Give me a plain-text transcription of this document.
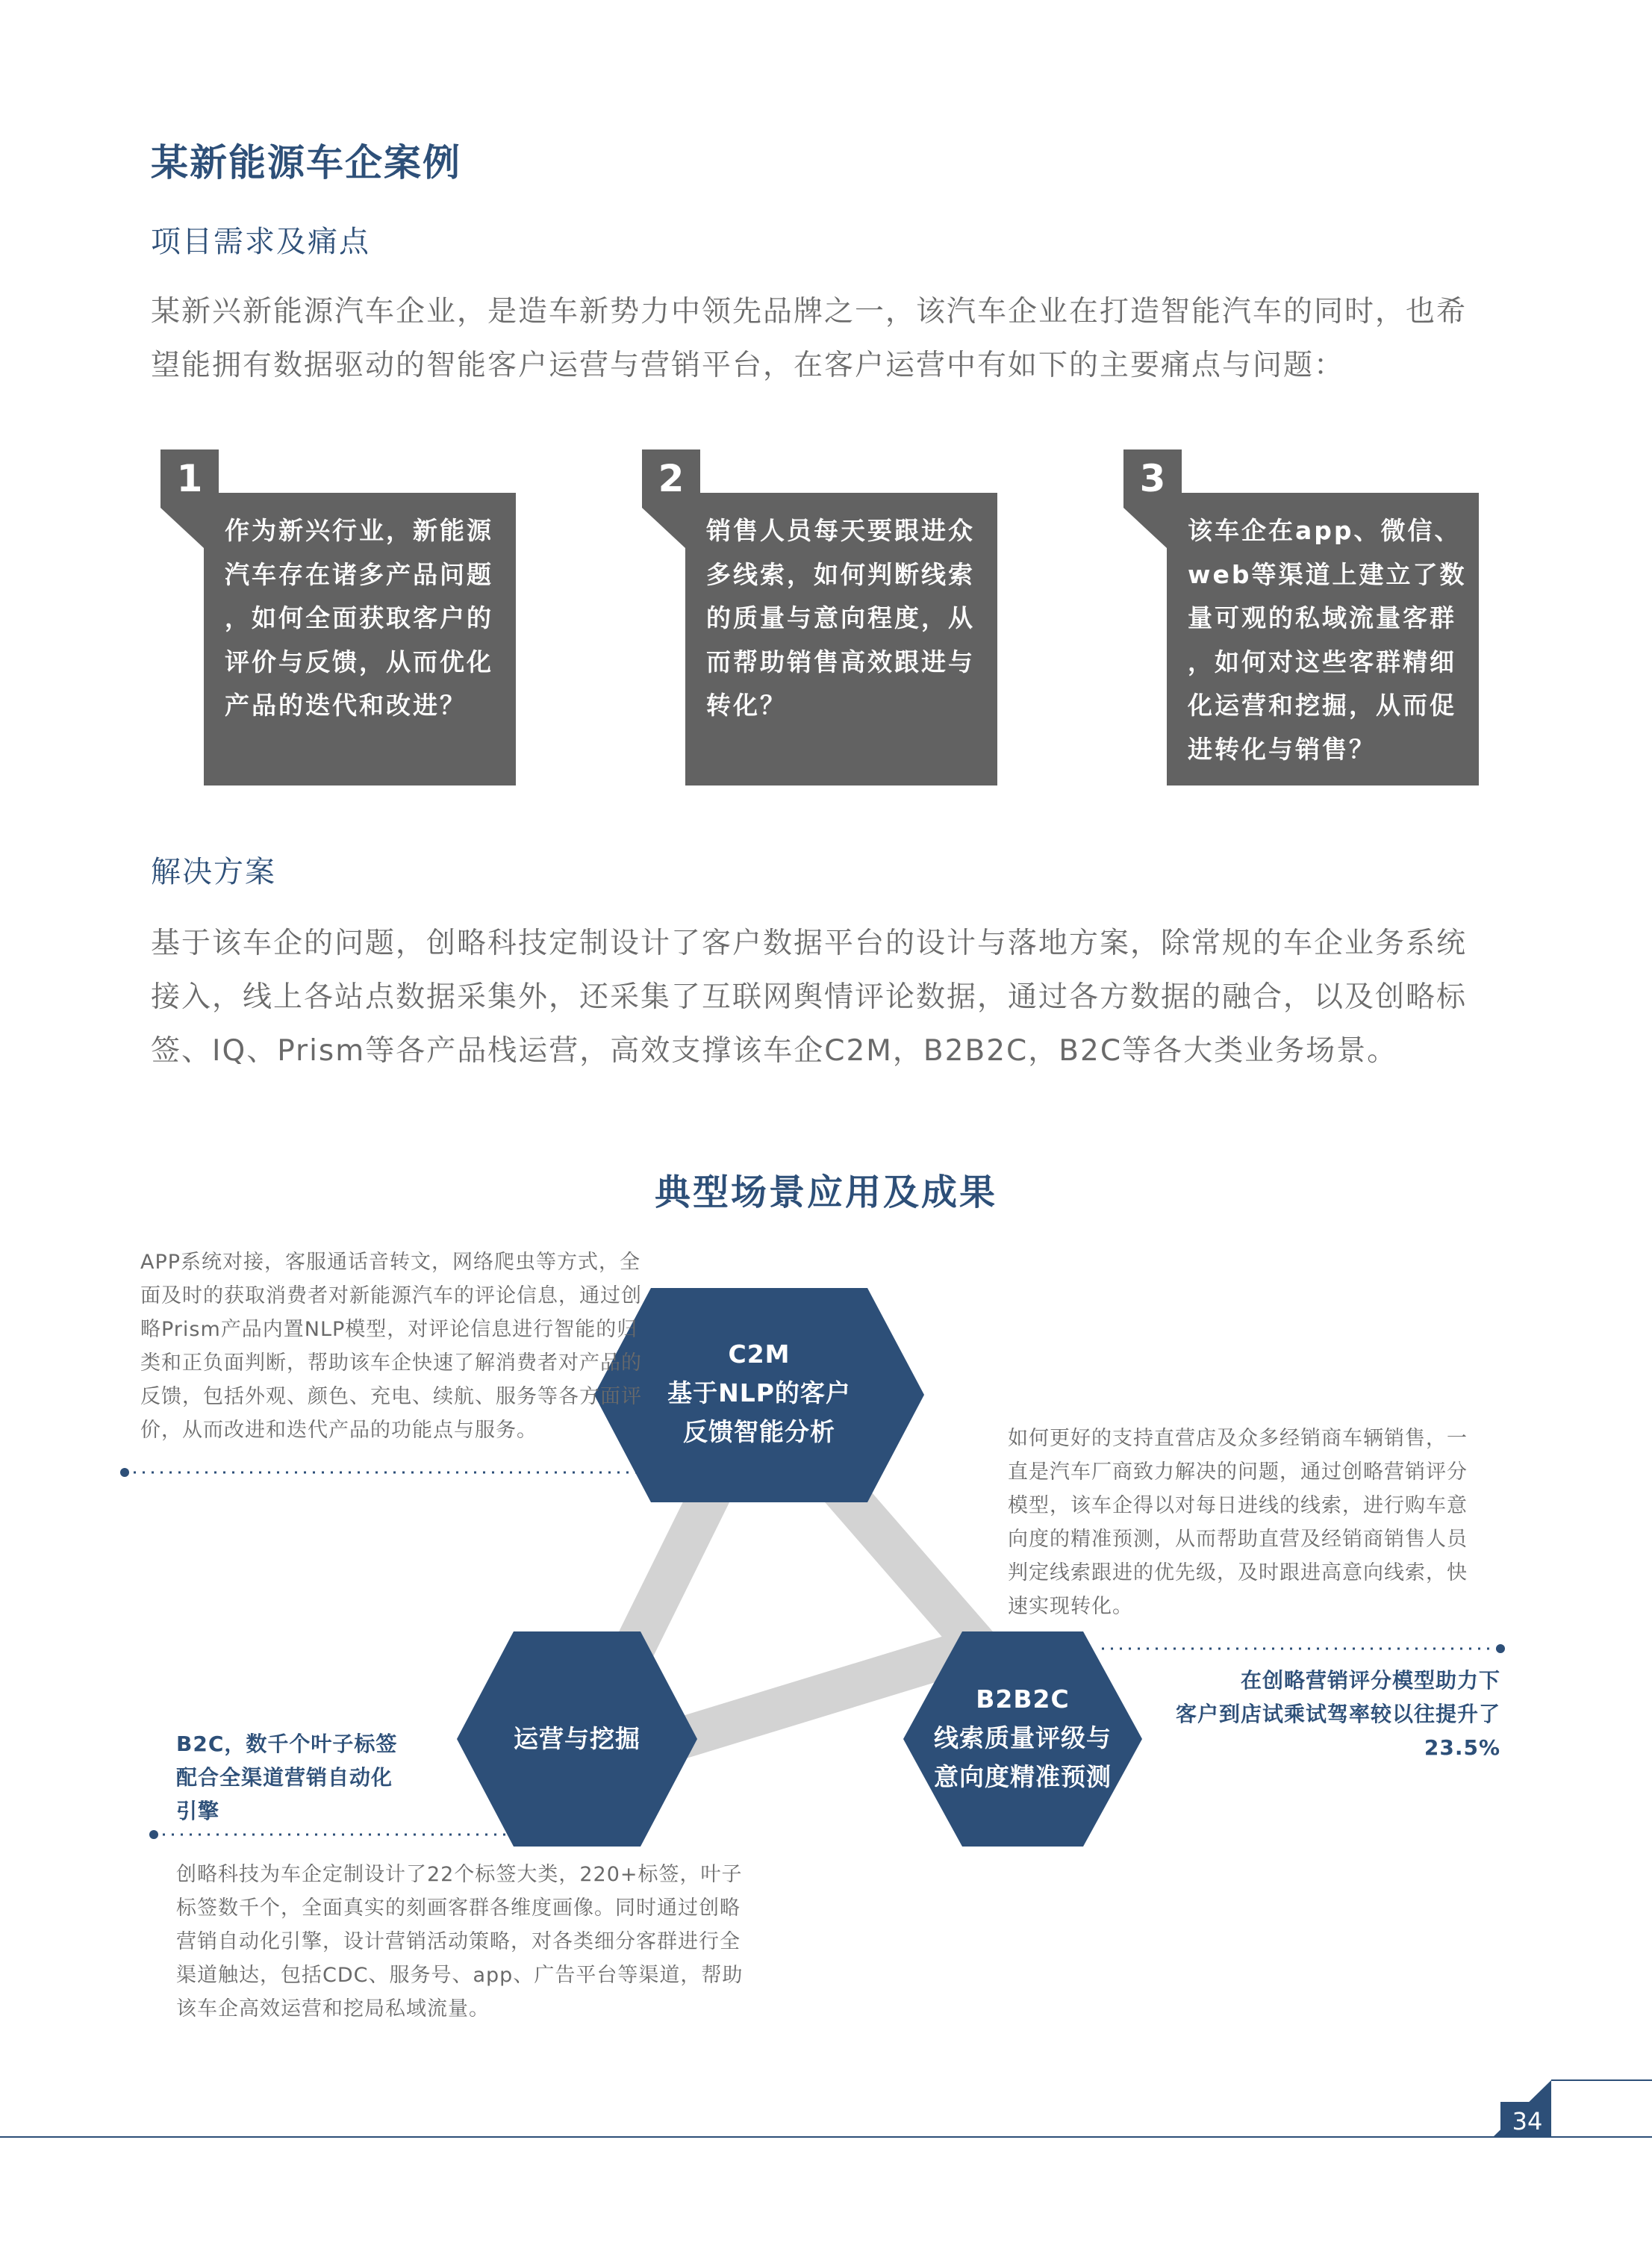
某新能源车企案例
项目需求及痛点
某新兴新能源汽车企业，是造车新势力中领先品牌之一，该汽车企业在打造智能汽车的同时，也希
望能拥有数据驱动的智能客户运营与营销平台，在客户运营中有如下的主要痛点与问题：
作为新兴行业，新能源
汽车存在诸多产品问题
，如何全面获取客户的
评价与反馈，从而优化
产品的迭代和改进？
1
销售人员每天要跟进众
多线索，如何判断线索
的质量与意向程度，从
而帮助销售高效跟进与
转化？
2
该车企在app、微信、
web等渠道上建立了数
量可观的私域流量客群
，如何对这些客群精细
化运营和挖掘，从而促
进转化与销售？
3
解决方案
基于该车企的问题，创略科技定制设计了客户数据平台的设计与落地方案，除常规的车企业务系统
接入，线上各站点数据采集外，还采集了互联网舆情评论数据，通过各方数据的融合，以及创略标
签、IQ、Prism等各产品栈运营，高效支撑该车企C2M，B2B2C，B2C等各大类业务场景。
典型场景应用及成果
34
C2M
基于NLP的客户
反馈智能分析
运营与挖掘
B2B2C
线索质量评级与
意向度精准预测
APP系统对接，客服通话音转文，网络爬虫等方式，全
面及时的获取消费者对新能源汽车的评论信息，通过创
略Prism产品内置NLP模型，对评论信息进行智能的归
类和正负面判断，帮助该车企快速了解消费者对产品的
反馈，包括外观、颜色、充电、续航、服务等各方面评
价，从而改进和迭代产品的功能点与服务。	如何更好的支持直营店及众多经销商车辆销售，一
直是汽车厂商致力解决的问题，通过创略营销评分
模型，该车企得以对每日进线的线索，进行购车意
向度的精准预测，从而帮助直营及经销商销售人员
判定线索跟进的优先级，及时跟进高意向线索，快
速实现转化。
在创略营销评分模型助力下
客户到店试乘试驾率较以往提升了
23.5%
B2C，数千个叶子标签
配合全渠道营销自动化
引擎
创略科技为车企定制设计了22个标签大类，220+标签，叶子
标签数千个，全面真实的刻画客群各维度画像。同时通过创略
营销自动化引擎，设计营销活动策略，对各类细分客群进行全
渠道触达，包括CDC、服务号、app、广告平台等渠道，帮助
该车企高效运营和挖局私域流量。
